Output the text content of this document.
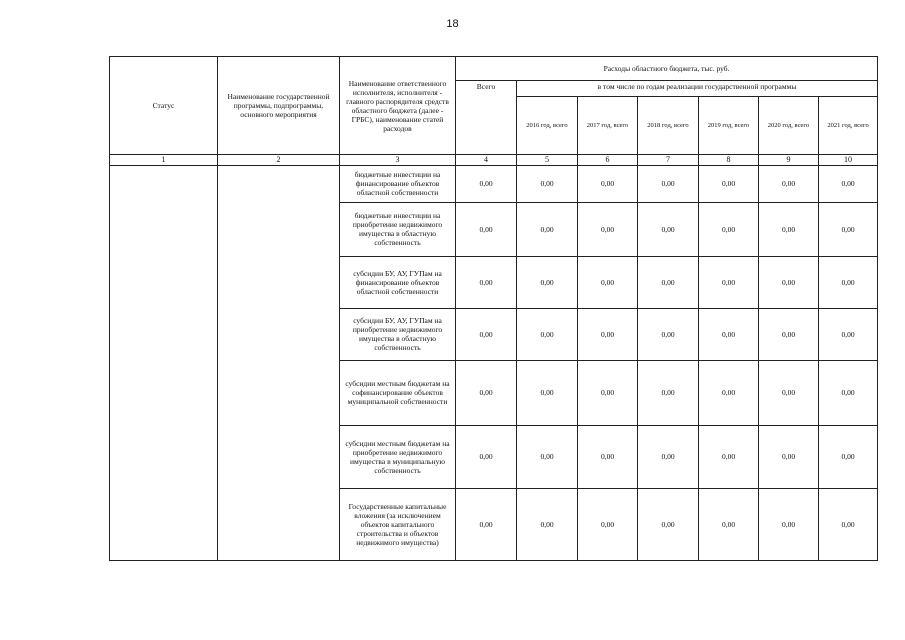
18
Статус	Наименование государственной программы, подпрограммы, основного мероприятия	Наименование ответственного исполнителя, исполнителя - главного распорядителя средств областного бюджета (далее - ГРБС), наименование статей расходов	Расходы областного бюджета, тыс. руб.						
			Всего	в том числе по годам реализации государственной программы					
				2016 год, всего	2017 год, всего	2018 год, всего	2019 год, всего	2020 год, всего	2021 год, всего
1	2	3	4	5	6	7	8	9	10
		бюджетные инвестиции на финансирование объектов областной собственности	0,00	0,00	0,00	0,00	0,00	0,00	0,00
		бюджетные инвестиции на приобретение недвижимого имущества в областную собственность	0,00	0,00	0,00	0,00	0,00	0,00	0,00
		субсидии БУ, АУ, ГУПам на финансирование объектов областной собственности	0,00	0,00	0,00	0,00	0,00	0,00	0,00
		субсидии БУ, АУ, ГУПам на приобретение недвижимого имущества в областную собственность	0,00	0,00	0,00	0,00	0,00	0,00	0,00
		субсидии местным бюджетам на софинансирование объектов муниципальной собственности	0,00	0,00	0,00	0,00	0,00	0,00	0,00
		субсидии местным бюджетам на приобретение недвижимого имущества в муниципальную собственность	0,00	0,00	0,00	0,00	0,00	0,00	0,00
		Государственные капитальные вложения (за исключением объектов капитального строительства и объектов недвижимого имущества)	0,00	0,00	0,00	0,00	0,00	0,00	0,00
